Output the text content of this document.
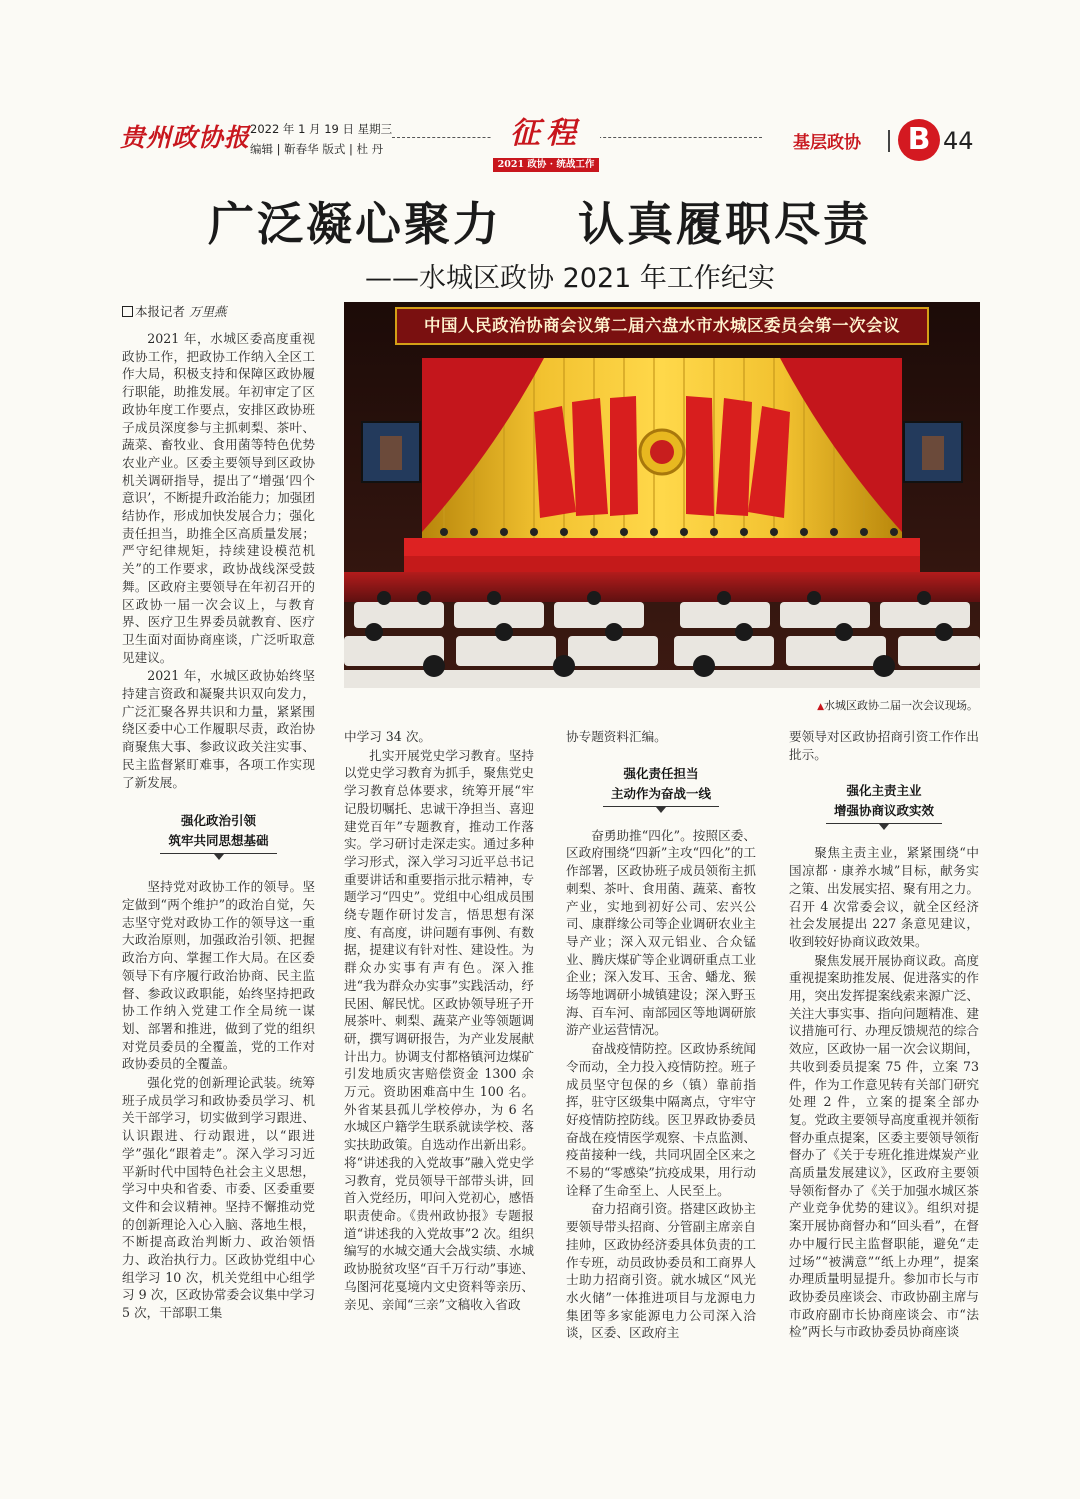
贵州政协报 2022 年 1 月 19 日 星期三
编辑 | 靳春华 版式 | 杜 丹	征程
2021 政协 · 统战工作
基层政协	B 44
广泛凝心聚力    认真履职尽责
——水城区政协 2021 年工作纪实
本报记者 万里燕
中国人民政治协商会议第二届六盘水市水城区委员会第一次会议
▲水城区政协二届一次会议现场。

2021 年，水城区委高度重视政协工作，把政协工作纳入全区工作大局，积极支持和保障区政协履行职能，助推发展。年初审定了区政协年度工作要点，安排区政协班子成员深度参与主抓刺梨、茶叶、蔬菜、畜牧业、食用菌等特色优势农业产业。区委主要领导到区政协机关调研指导，提出了“增强‘四个意识’，不断提升政治能力；加强团结协作，形成加快发展合力；强化责任担当，助推全区高质量发展；严守纪律规矩，持续建设模范机关”的工作要求，政协战线深受鼓舞。区政府主要领导在年初召开的区政协一届一次会议上，与教育界、医疗卫生界委员就教育、医疗卫生面对面协商座谈，广泛听取意见建议。

2021 年，水城区政协始终坚持建言资政和凝聚共识双向发力，广泛汇聚各界共识和力量，紧紧围绕区委中心工作履职尽责，政治协商聚焦大事、参政议政关注实事、民主监督紧盯难事，各项工作实现了新发展。

强化政治引领
筑牢共同思想基础

坚持党对政协工作的领导。坚定做到“两个维护”的政治自觉，矢志坚守党对政协工作的领导这一重大政治原则，加强政治引领、把握政治方向、掌握工作大局。在区委领导下有序履行政治协商、民主监督、参政议政职能，始终坚持把政协工作纳入党建工作全局统一谋划、部署和推进，做到了党的组织对党员委员的全覆盖，党的工作对政协委员的全覆盖。

强化党的创新理论武装。统筹班子成员学习和政协委员学习、机关干部学习，切实做到学习跟进、认识跟进、行动跟进，以“跟进学”强化“跟着走”。深入学习习近平新时代中国特色社会主义思想，学习中央和省委、市委、区委重要文件和会议精神。坚持不懈推动党的创新理论入心入脑、落地生根，不断提高政治判断力、政治领悟力、政治执行力。区政协党组中心组学习 10 次，机关党组中心组学习 9 次，区政协常委会议集中学习 5 次，干部职工集

中学习 34 次。

扎实开展党史学习教育。坚持以党史学习教育为抓手，聚焦党史学习教育总体要求，统筹开展“牢记殷切嘱托、忠诚干净担当、喜迎建党百年”专题教育，推动工作落实。学习研讨走深走实。通过多种学习形式，深入学习习近平总书记重要讲话和重要指示批示精神，专题学习“四史”。党组中心组成员围绕专题作研讨发言，悟思想有深度、有高度，讲问题有事例、有数据，提建议有针对性、建设性。为群众办实事有声有色。深入推进“我为群众办实事”实践活动，纾民困、解民忧。区政协领导班子开展茶叶、刺梨、蔬菜产业等领题调研，撰写调研报告，为产业发展献计出力。协调支付都格镇河边煤矿引发地质灾害赔偿资金 1300 余万元。资助困难高中生 100 名。外省某县孤儿学校停办，为 6 名水城区户籍学生联系就读学校、落实扶助政策。自选动作出新出彩。将“讲述我的入党故事”融入党史学习教育，党员领导干部带头讲，回首入党经历，叩问入党初心，感悟职责使命。《贵州政协报》专题报道“讲述我的入党故事”2 次。组织编写的水城交通大会战实绩、水城政协脱贫攻坚“百千万行动”事迹、乌图河花戛境内文史资料等亲历、亲见、亲闻“三亲”文稿收入省政

协专题资料汇编。

强化责任担当
主动作为奋战一线

奋勇助推“四化”。按照区委、区政府围绕“四新”主攻“四化”的工作部署，区政协班子成员领衔主抓刺梨、茶叶、食用菌、蔬菜、畜牧产业，实地到初好公司、宏兴公司、康群缘公司等企业调研农业主导产业；深入双元铝业、合众锰业、腾庆煤矿等企业调研重点工业企业；深入发耳、玉舍、蟠龙、猴场等地调研小城镇建设；深入野玉海、百车河、南部园区等地调研旅游产业运营情况。

奋战疫情防控。区政协系统闻令而动，全力投入疫情防控。班子成员坚守包保的乡（镇）靠前指挥，驻守区级集中隔离点，守牢守好疫情防控防线。医卫界政协委员奋战在疫情医学观察、卡点监测、疫苗接种一线，共同巩固全区来之不易的“零感染”抗疫成果，用行动诠释了生命至上、人民至上。

奋力招商引资。搭建区政协主要领导带头招商、分管副主席亲自挂帅，区政协经济委具体负责的工作专班，动员政协委员和工商界人士助力招商引资。就水城区“风光水火储”一体推进项目与龙源电力集团等多家能源电力公司深入洽谈，区委、区政府主

要领导对区政协招商引资工作作出批示。

强化主责主业
增强协商议政实效

聚焦主责主业，紧紧围绕“中国凉都 · 康养水城”目标，献务实之策、出发展实招、聚有用之力。召开 4 次常委会议，就全区经济社会发展提出 227 条意见建议，收到较好协商议政效果。

聚焦发展开展协商议政。高度重视提案助推发展、促进落实的作用，突出发挥提案线索来源广泛、关注大事实事、指向问题精准、建议措施可行、办理反馈规范的综合效应，区政协一届一次会议期间，共收到委员提案 75 件，立案 73 件，作为工作意见转有关部门研究处理 2 件，立案的提案全部办复。党政主要领导高度重视并领衔督办重点提案，区委主要领导领衔督办了《关于专班化推进煤炭产业高质量发展建议》，区政府主要领导领衔督办了《关于加强水城区茶产业竞争优势的建议》。组织对提案开展协商督办和“回头看”，在督办中履行民主监督职能，避免“走过场”“被满意”“纸上办理”，提案办理质量明显提升。参加市长与市政协委员座谈会、市政协副主席与市政府副市长协商座谈会、市“法检”两长与市政协委员协商座谈
